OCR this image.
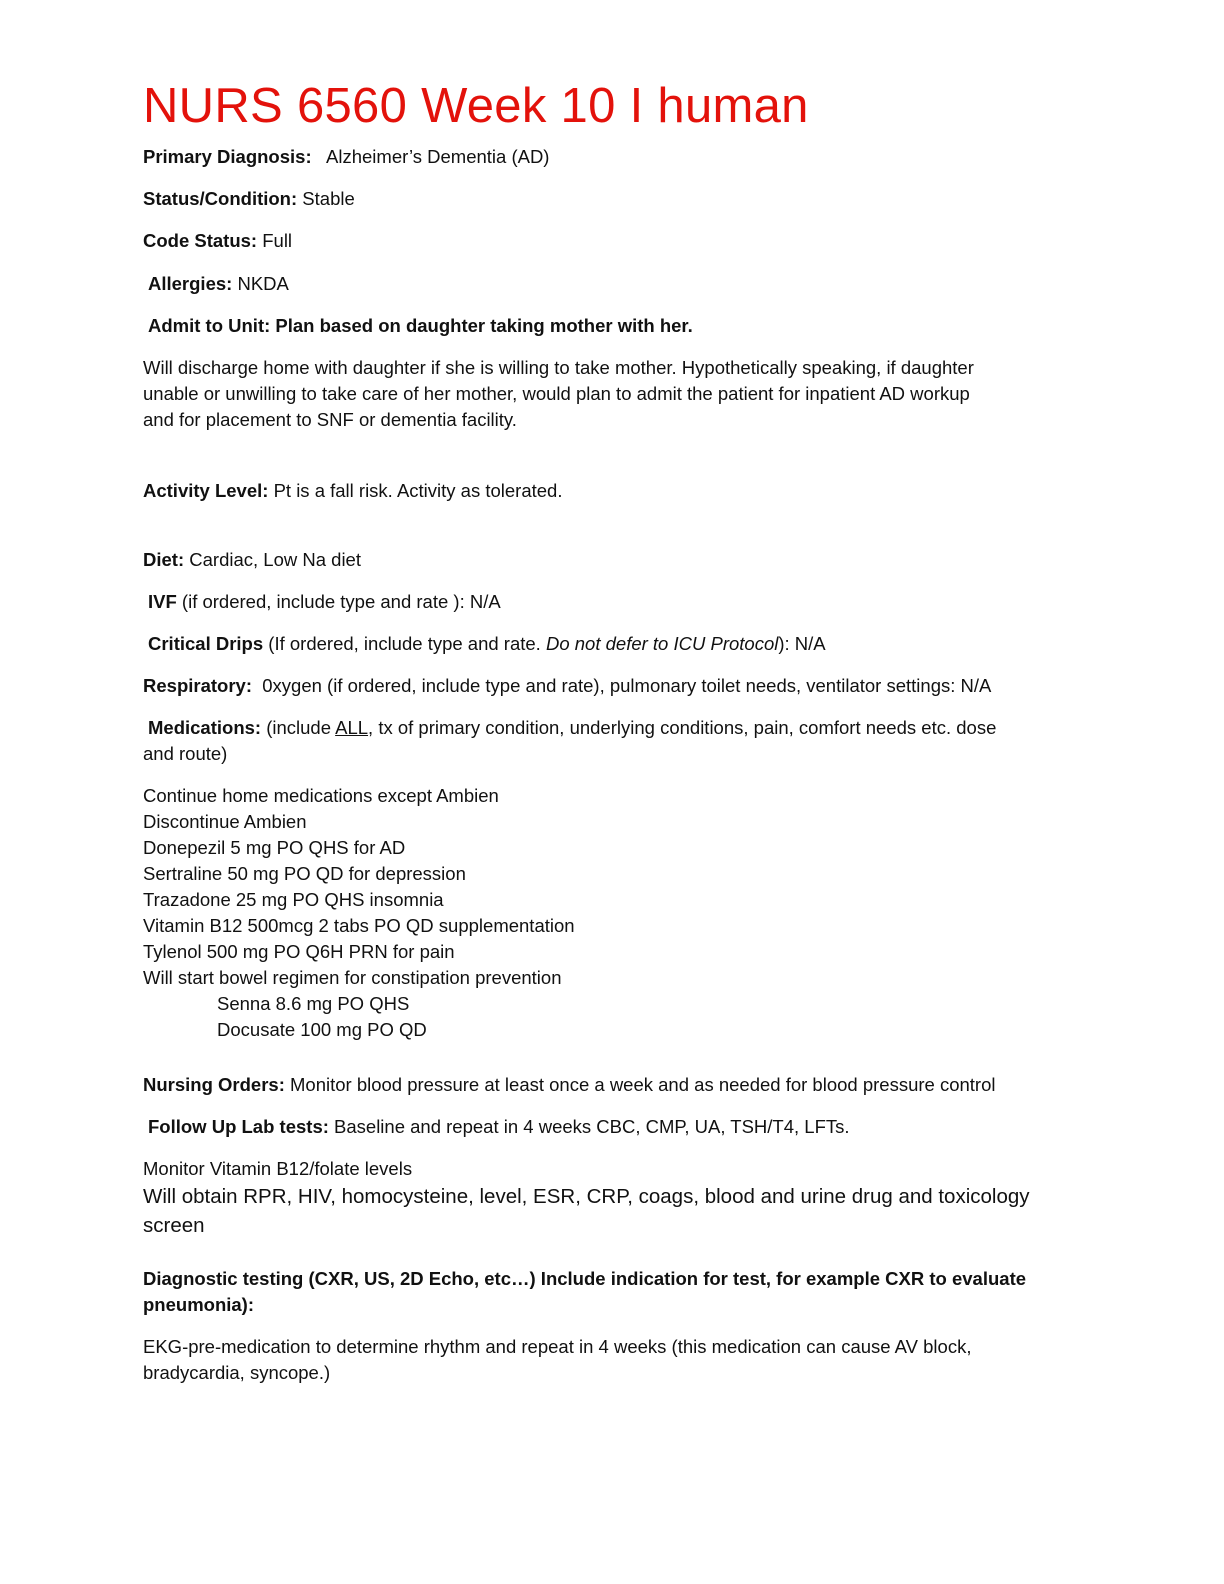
NURS 6560 Week 10 I human

Primary Diagnosis: Alzheimer’s Dementia (AD)

Status/Condition: Stable

Code Status: Full

Allergies: NKDA

Admit to Unit: Plan based on daughter taking mother with her.

Will discharge home with daughter if she is willing to take mother. Hypothetically speaking, if daughter

unable or unwilling to take care of her mother, would plan to admit the patient for inpatient AD workup

and for placement to SNF or dementia facility.

Activity Level: Pt is a fall risk. Activity as tolerated.

Diet: Cardiac, Low Na diet

IVF (if ordered, include type and rate ): N/A

Critical Drips (If ordered, include type and rate. Do not defer to ICU Protocol): N/A

Respiratory: 0xygen (if ordered, include type and rate), pulmonary toilet needs, ventilator settings: N/A

Medications: (include ALL, tx of primary condition, underlying conditions, pain, comfort needs etc. dose

and route)

Continue home medications except Ambien

Discontinue Ambien

Donepezil 5 mg PO QHS for AD

Sertraline 50 mg PO QD for depression

Trazadone 25 mg PO QHS insomnia

Vitamin B12 500mcg 2 tabs PO QD supplementation

Tylenol 500 mg PO Q6H PRN for pain

Will start bowel regimen for constipation prevention

Senna 8.6 mg PO QHS

Docusate 100 mg PO QD

Nursing Orders: Monitor blood pressure at least once a week and as needed for blood pressure control

Follow Up Lab tests: Baseline and repeat in 4 weeks CBC, CMP, UA, TSH/T4, LFTs.

Monitor Vitamin B12/folate levels

Will obtain RPR, HIV, homocysteine, level, ESR, CRP, coags, blood and urine drug and toxicology

screen

Diagnostic testing (CXR, US, 2D Echo, etc…) Include indication for test, for example CXR to evaluate

pneumonia):

EKG-pre-medication to determine rhythm and repeat in 4 weeks (this medication can cause AV block,

bradycardia, syncope.)
